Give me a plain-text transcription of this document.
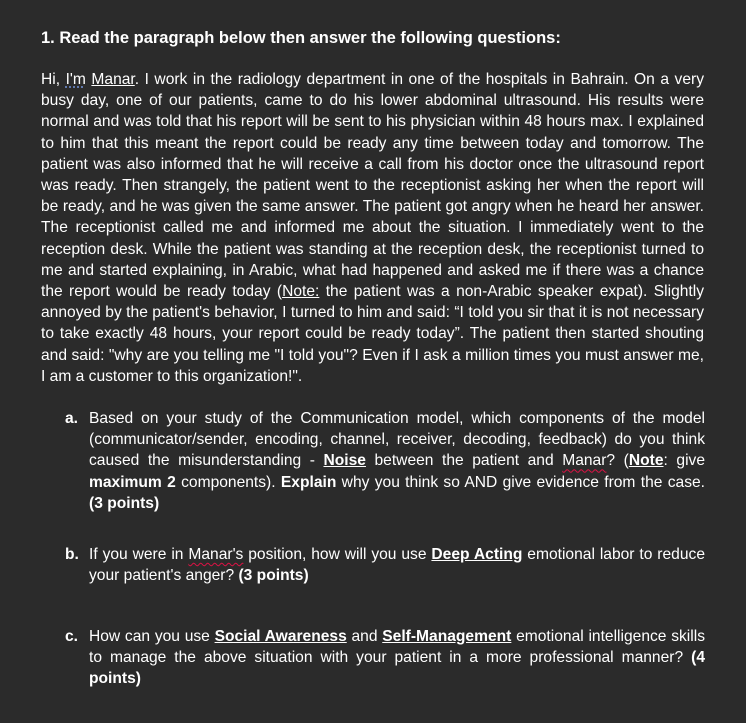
1. Read the paragraph below then answer the following questions:
Hi, I'm Manar. I work in the radiology department in one of the hospitals in Bahrain. On a very busy day, one of our patients, came to do his lower abdominal ultrasound. His results were normal and was told that his report will be sent to his physician within 48 hours max. I explained to him that this meant the report could be ready any time between today and tomorrow. The patient was also informed that he will receive a call from his doctor once the ultrasound report was ready. Then strangely, the patient went to the receptionist asking her when the report will be ready, and he was given the same answer. The patient got angry when he heard her answer. The receptionist called me and informed me about the situation. I immediately went to the reception desk. While the patient was standing at the reception desk, the receptionist turned to me and started explaining, in Arabic, what had happened and asked me if there was a chance the report would be ready today (Note: the patient was a non-Arabic speaker expat). Slightly annoyed by the patient's behavior, I turned to him and said: “I told you sir that it is not necessary to take exactly 48 hours, your report could be ready today”. The patient then started shouting and said: "why are you telling me "I told you"? Even if I ask a million times you must answer me, I am a customer to this organization!".
a. Based on your study of the Communication model, which components of the model (communicator/sender, encoding, channel, receiver, decoding, feedback) do you think caused the misunderstanding - Noise between the patient and Manar? (Note: give maximum 2 components). Explain why you think so AND give evidence from the case. (3 points)
b. If you were in Manar's position, how will you use Deep Acting emotional labor to reduce your patient's anger? (3 points)
c. How can you use Social Awareness and Self-Management emotional intelligence skills to manage the above situation with your patient in a more professional manner? (4 points)
